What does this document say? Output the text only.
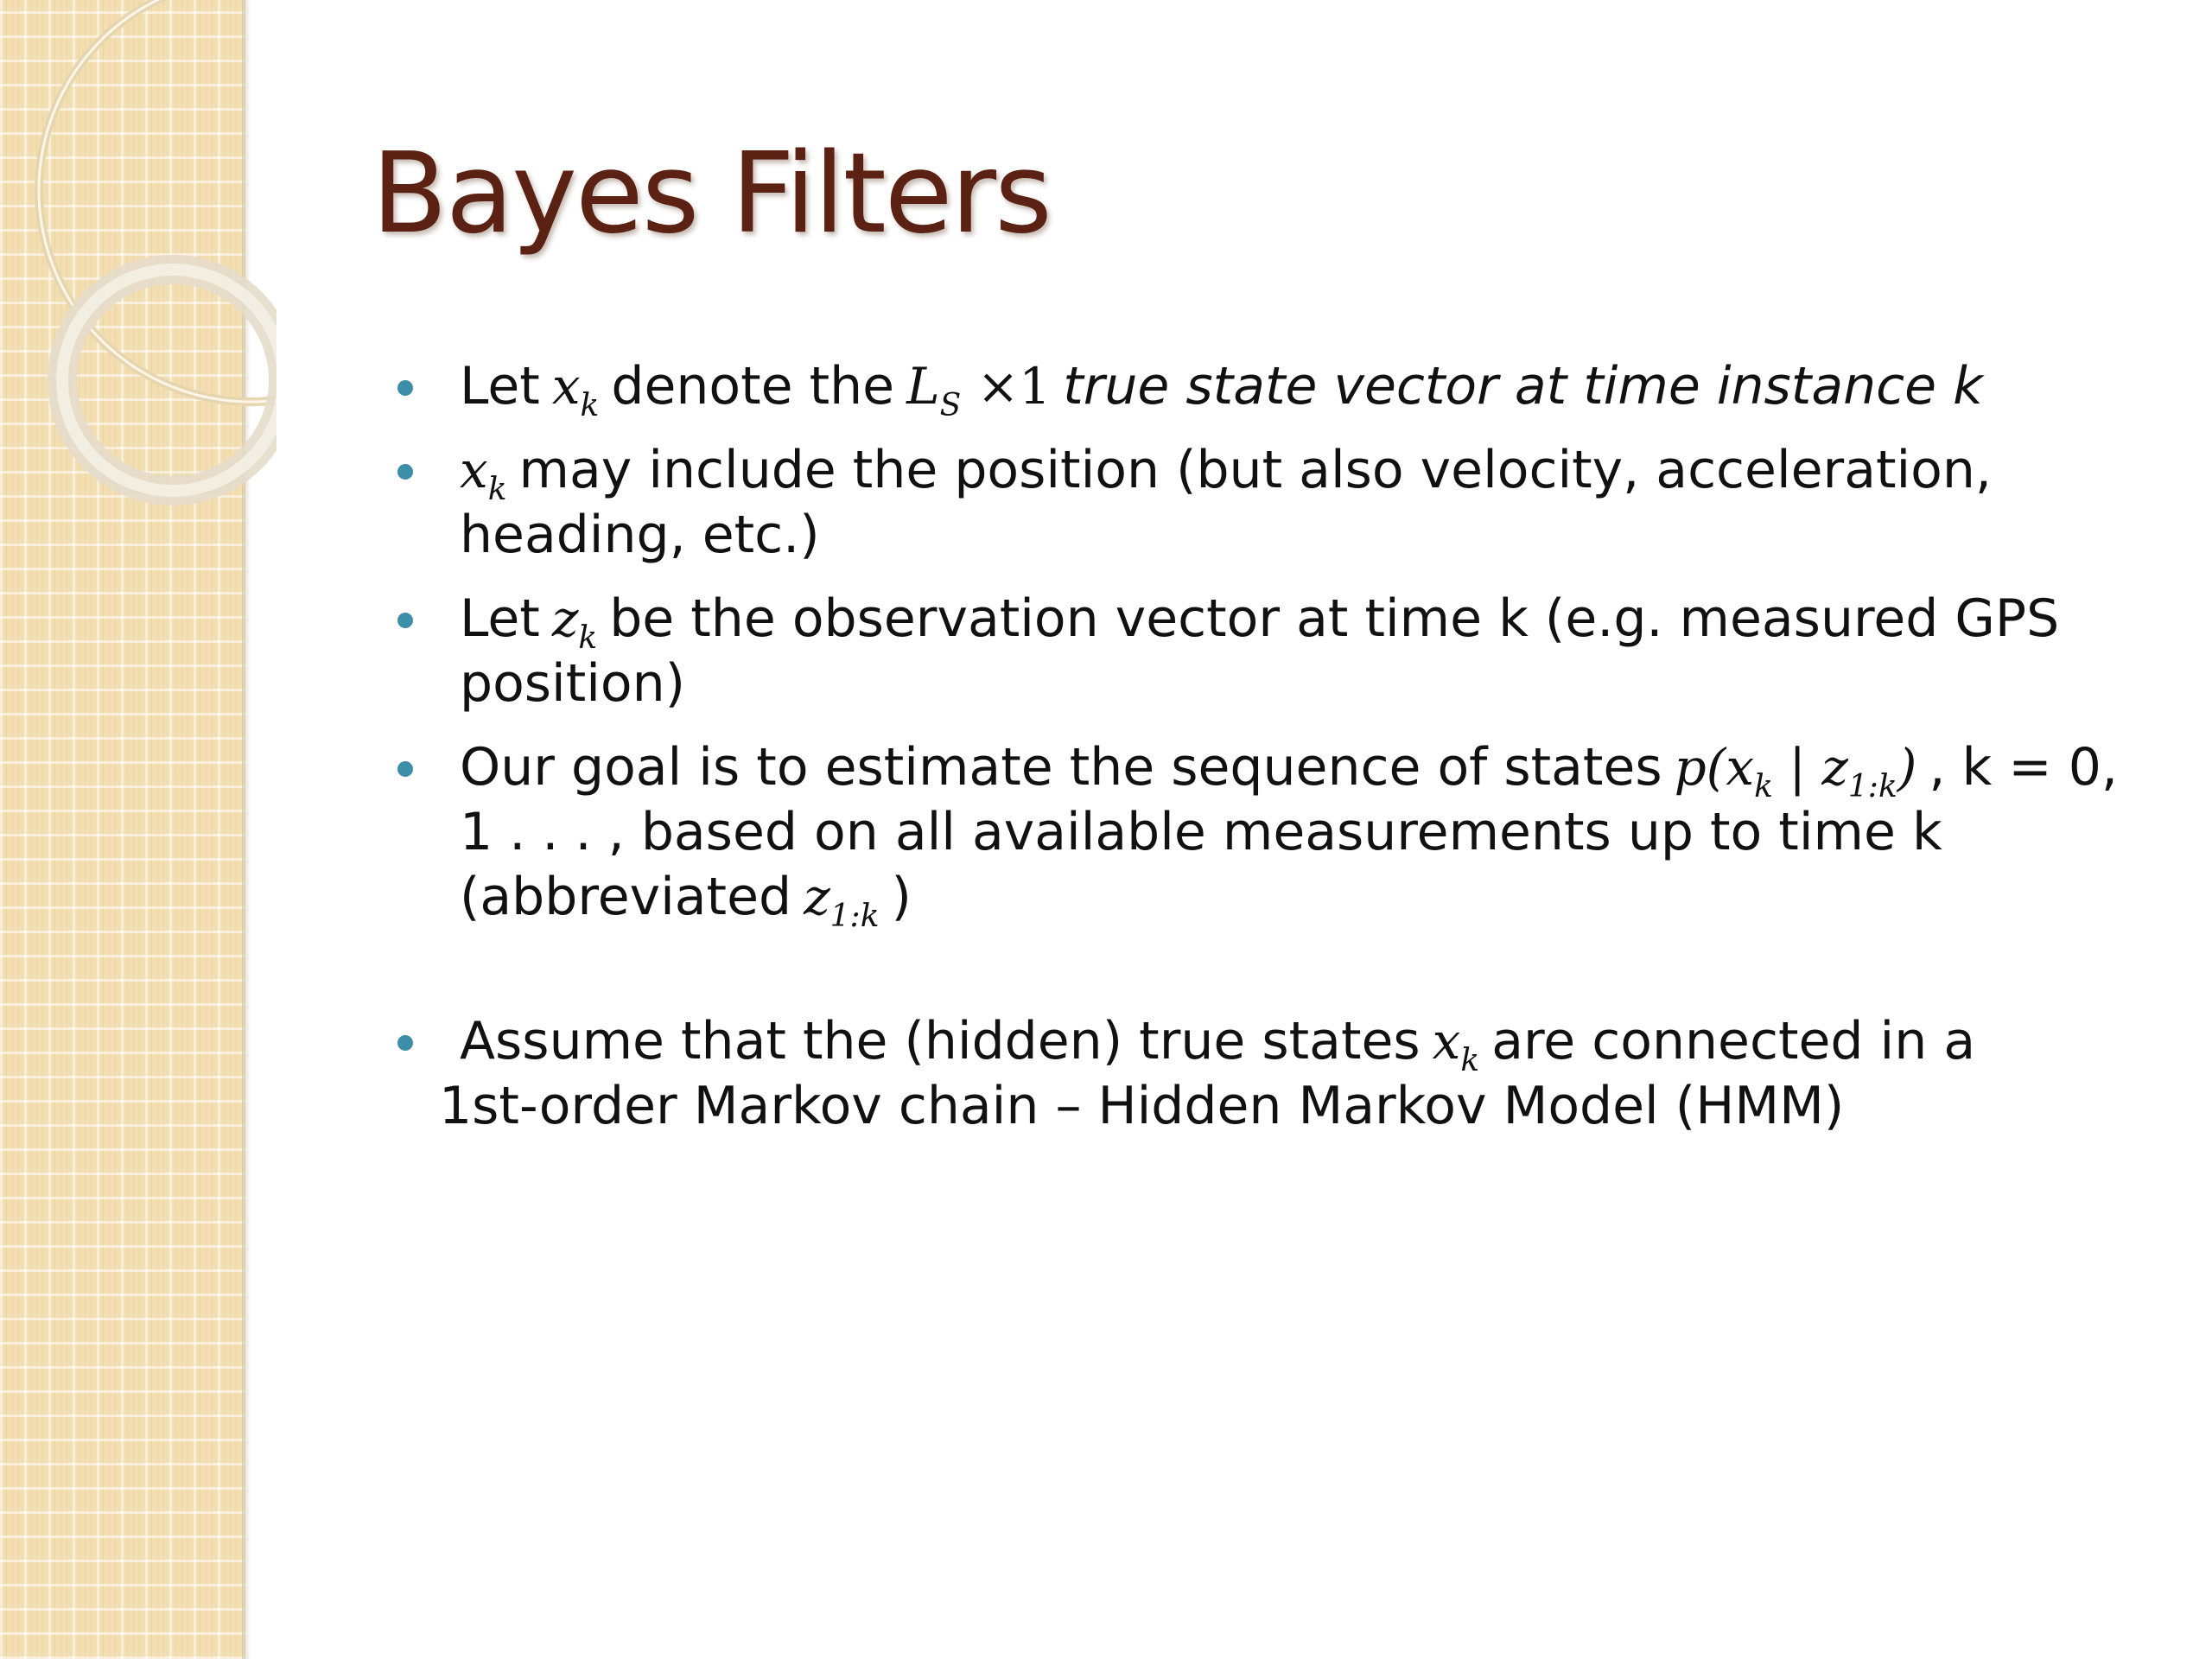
Bayes Filters
Let $x_k$ denote the $L_S \times 1$ true state vector at time instance k
$x_k$ may include the position (but also velocity, acceleration, heading, etc.)
Let $z_k$ be the observation vector at time k (e.g. measured GPS position)
Our goal is to estimate the sequence of states $p(x_k$ | $z_{1:k}$) , k = 0, 1 . . . , based on all available measurements up to time k (abbreviated $z_{1:k}$ )
Assume that the (hidden) true states $x_k$ are connected in a
1st-order Markov chain – Hidden Markov Model (HMM)
